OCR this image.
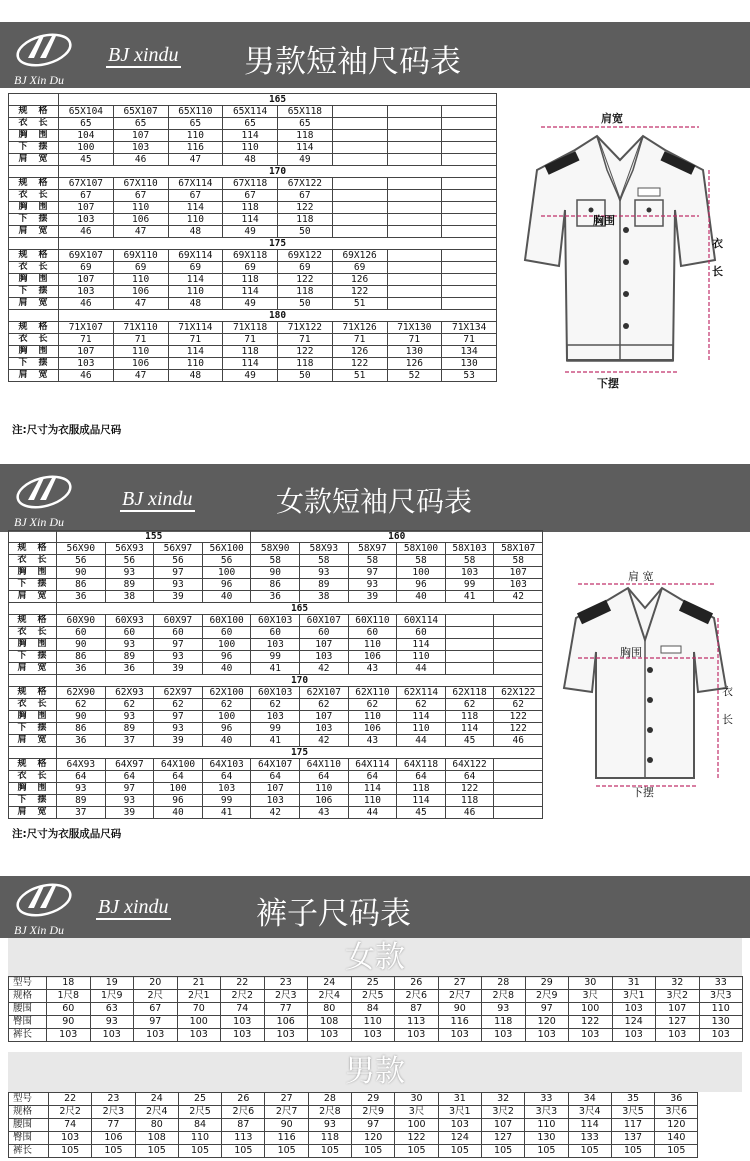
BJ Xin Du
BJ xindu 男款短袖尺码表
	165							
规　格	65X104	65X107	65X110	65X114	65X118			
衣　长	65	65	65	65	65			
胸　围	104	107	110	114	118			
下　摆	100	103	116	110	114			
肩　宽	45	46	47	48	49			
	170							
规　格	67X107	67X110	67X114	67X118	67X122			
衣　长	67	67	67	67	67			
胸　围	107	110	114	118	122			
下　摆	103	106	110	114	118			
肩　宽	46	47	48	49	50			
	175							
规　格	69X107	69X110	69X114	69X118	69X122	69X126		
衣　长	69	69	69	69	69	69		
胸　围	107	110	114	118	122	126		
下　摆	103	106	110	114	118	122		
肩　宽	46	47	48	49	50	51		
	180							
规　格	71X107	71X110	71X114	71X118	71X122	71X126	71X130	71X134
衣　长	71	71	71	71	71	71	71	71
胸　围	107	110	114	118	122	126	130	134
下　摆	103	106	110	114	118	122	126	130
肩　宽	46	47	48	49	50	51	52	53
注:尺寸为衣服成品尺码
肩宽
胸围
衣长
下摆
BJ Xin Du
BJ xindu	女款短袖尺码表
	155				160					
规　格	56X90	56X93	56X97	56X100	58X90	58X93	58X97	58X100	58X103	58X107
衣　长	56	56	56	56	58	58	58	58	58	58
胸　围	90	93	97	100	90	93	97	100	103	107
下　摆	86	89	93	96	86	89	93	96	99	103
肩　宽	36	38	39	40	36	38	39	40	41	42
	165									
规　格	60X90	60X93	60X97	60X100	60X103	60X107	60X110	60X114		
衣　长	60	60	60	60	60	60	60	60		
胸　围	90	93	97	100	103	107	110	114		
下　摆	86	89	93	96	99	103	106	110		
肩　宽	36	36	39	40	41	42	43	44		
	170									
规　格	62X90	62X93	62X97	62X100	60X103	62X107	62X110	62X114	62X118	62X122
衣　长	62	62	62	62	62	62	62	62	62	62
胸　围	90	93	97	100	103	107	110	114	118	122
下　摆	86	89	93	96	99	103	106	110	114	122
肩　宽	36	37	39	40	41	42	43	44	45	46
	175									
规　格	64X93	64X97	64X100	64X103	64X107	64X110	64X114	64X118	64X122	
衣　长	64	64	64	64	64	64	64	64	64	
胸　围	93	97	100	103	107	110	114	118	122	
下　摆	89	93	96	99	103	106	110	114	118	
肩　宽	37	39	40	41	42	43	44	45	46	
注:尺寸为衣服成品尺码
肩 宽
胸围
衣长
下摆
BJ Xin Du
BJ xindu	裤子尺码表
女款
型号	18	19	20	21	22	23	24	25	26	27	28	29	30	31	32	33
规格	1尺8	1尺9	2尺	2尺1	2尺2	2尺3	2尺4	2尺5	2尺6	2尺7	2尺8	2尺9	3尺	3尺1	3尺2	3尺3
腰围	60	63	67	70	74	77	80	84	87	90	93	97	100	103	107	110
臀围	90	93	97	100	103	106	108	110	113	116	118	120	122	124	127	130
裤长	103	103	103	103	103	103	103	103	103	103	103	103	103	103	103	103
男款
型号	22	23	24	25	26	27	28	29	30	31	32	33	34	35	36
规格	2尺2	2尺3	2尺4	2尺5	2尺6	2尺7	2尺8	2尺9	3尺	3尺1	3尺2	3尺3	3尺4	3尺5	3尺6
腰围	74	77	80	84	87	90	93	97	100	103	107	110	114	117	120
臀围	103	106	108	110	113	116	118	120	122	124	127	130	133	137	140
裤长	105	105	105	105	105	105	105	105	105	105	105	105	105	105	105
